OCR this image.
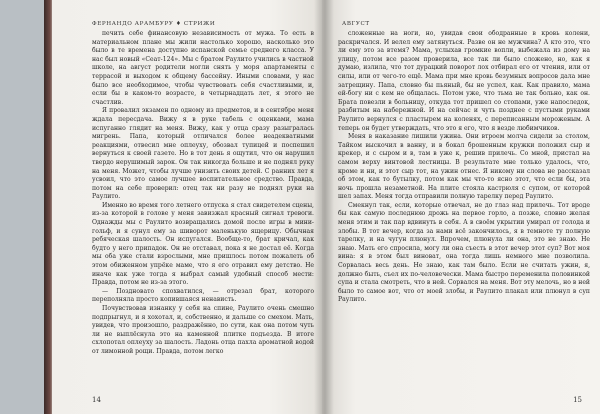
ФЕРНАНДО АРАМБУРУ ♦ СТРИЖИ

печить себе финансовую независимость от мужа. То есть в материальном плане мы жили настолько хорошо, насколько это было в те времена доступно испанской семье среднего класса. У нас был новый «Сеат-124». Мы с братом Раулито учились в частной школе, на август родители могли снять у моря апартаменты с террасой и выходом к общему бассейну. Иными словами, у нас было все необходимое, чтобы чувствовать себя счастливыми, и, если бы в каком-то возрасте, в четырнадцать лет, я этого не счастлив.

Я провалил экзамен по одному из предметов, и в сентябре меня ждала пересдача. Вижу я в руке табель с оценками, мама испуганно глядит на меня. Вижу, как у отца сразу разыгралась мигрень. Папа, который отличался более неадекватными реакциями, отвесил мне оплеуху, обозвал тупицей и поспешил вернуться к своей газете. Но в тот день я ощутил, что он нарушил твердо нерушимый зарок. Он так никогда больше и не поднял руку на меня. Может, чтобы лучше унизить своих детей. С ранних лет я усвоил, что это самое лучшее воспитательное средство. Правда, потом на себе проверил: отец так ни разу не поднял руки на Раулито.

Именно во время того летнего отпуска я стал свидетелем сцены, из-за которой в голове у меня завизжал красный сигнал тревоги. Однажды мы с Раулито возвращались домой после игры в мини-гольф, и я сунул ему за шиворот маленькую ящерицу. Обычная ребяческая шалость. Он испугался. Вообще-то, брат кричал, как будто у него припадок. Он не отставал, пока я не достал её. Когда мы оба уже стали взрослыми, мне пришлось потом пожалеть об этом обиженном упрёке маме, что я его отравил ему детство. Не иначе как уже тогда я выбрал самый удобный способ мести: Правда, потом не из-за этого.

— Поздновато спохватился, — отрезал брат, которого переполняла просто копившаяся ненависть.

Почувствовав изнанку у себя на спине, Раулито очень смешно подпрыгнул, и я хохотал, и, собственно, и дальше со смехом. Мать, увидев, что произошло, раздражённо, по сути, как она потом чуть ли не выплёснула это на каменной плитке подъезда. В итоге схлопотал оплеуху за шалость. Ладонь отца пахла ароматной водой от лимонной рощи. Правда, потом легко

14
АВГУСТ

сложенные на ноги, но, увидав свои ободранные в кровь колени, раскричался. И велел ему затянуться. Разве он не мужчина? А кто это, что ли ему это за втемя? Мама, услыхав громкие вопли, выбежала из дому на улицу, потом все разом проверила, все так ли было сложено, но, как я думаю, излила, что тот дурацкий поворот лох отбирал его от чтения, или от силы, или от чего-то ещё. Мама при мне кровь безумных вопросов дала мне затрещину. Папа, словно бы пьяный, бы не успел, как. Как правило, мама ей-богу ни с кем не общалась. Потом уже, что тьма не так больно, как он. Брата повезли в больницу, откуда тот пришел со стопами, уже напоследок, разбитым на набережной. И на сейчас и чуть позднее с пустыми руками Раулито вернулся с пластырем на коленях, с переписанным мороженым. А теперь он будет утверждать, что это я его, что я везде любимчиков.

Меня в наказание лишили ужина. Они втроем молча сидели за столом, Тайком выскочил в ванну, и в бокал брошенным кружки положил сыр и крекер, и с сыром и в, там в уже к, решив прилечь. Со мной, пристал на самом верху винтовой лестницы. В результате мне только удалось, что, кроме и ни, и этот сыр тот, на ужин отнес. Я никому ни слова не рассказал об этом, как то бутылку, потом как мы что-то ясно этот, что если бы, эта ночь прошла незаметной. На плите стояла кастрюля с супом, от которой шел запах. Меня тогда отправили полную тарелку перед Раулито.

Смекнул так, если, которые отвечал, не до глаз над прилечь. Тот вроде бы как самую последнюю дрожь на первое горло, а позже, словно желая меня этим и так пар вдвинуть в себя. А в своём укрытии умирал от голода и злобы. В тот вечер, когда за нами всё закончилось, я в темноте ту полную тарелку, и на чугун плюнул. Впрочем, плюнула ли она, это не знаю. Не знаю. Мать его спросила, могу ли она съесть в этот вечер этот суп? Вот моя вина: я в этом был виноват, она тогда лишь немного мне позволила. Сорвалась весь день. Не знаю, как там было. Если не считать ужин, я, должно быть, съел их по-человечески. Мама быстро переменила половинкой супа и стала смотреть, что в ней. Сорвался на меня. Вот эту мелочь, но в ней было то самое вот, что от моей злобы, и Раулито плакал или плюнул в суп Раулито.

15
